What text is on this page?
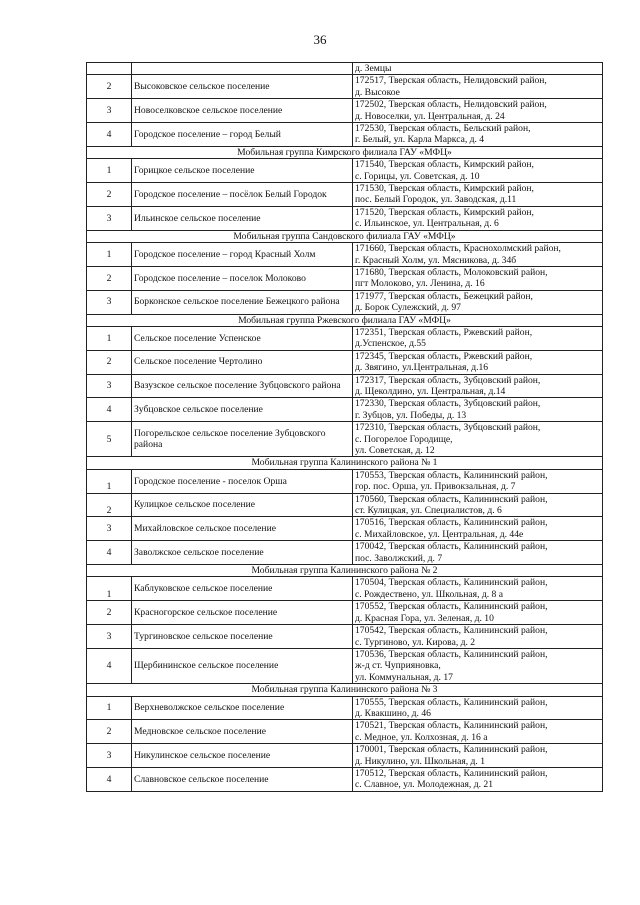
36

		д. Земцы

2	Высоковское сельское поселение	172517, Тверская область, Нелидовский район,
д. Высокое

3	Новоселковское сельское поселение	172502, Тверская область, Нелидовский район,
д. Новоселки, ул. Центральная, д. 24

4	Городское поселение – город Белый	172530, Тверская область, Бельский район,
г. Белый, ул. Карла Маркса, д. 4

Мобильная группа Кимрского филиала ГАУ «МФЦ»		
1	Горицкое сельское поселение	171540, Тверская область, Кимрский район,
с. Горицы, ул. Советская, д. 10

2	Городское поселение – посёлок Белый Городок	171530, Тверская область, Кимрский район,
пос. Белый Городок, ул. Заводская, д.11

3	Ильинское сельское поселение	171520, Тверская область, Кимрский район,
с. Ильинское, ул. Центральная, д. 6

Мобильная группа Сандовского филиала ГАУ «МФЦ»		
1	Городское поселение – город Красный Холм	171660, Тверская область, Краснохолмский район,
г. Красный Холм, ул. Мясникова, д. 34б

2	Городское поселение – поселок Молоково	171680, Тверская область, Молоковский район,
пгт Молоково, ул. Ленина, д. 16

3	Борконское сельское поселение Бежецкого района	171977, Тверская область, Бежецкий район,
д. Борок Сулежский, д. 97

Мобильная группа Ржевского филиала ГАУ «МФЦ»		
1	Сельское поселение Успенское	172351, Тверская область, Ржевский район,
д.Успенское, д.55

2	Сельское поселение Чертолино	172345, Тверская область, Ржевский район,
д. Звягино, ул.Центральная, д.16

3	Вазузское сельское поселение Зубцовского района	172317, Тверская область, Зубцовский район,
д. Щеколдино, ул. Центральная, д.14

4	Зубцовское сельское поселение	172330, Тверская область, Зубцовский район,
г. Зубцов, ул. Победы, д. 13

5	Погорельское сельское поселение Зубцовского района	172310, Тверская область, Зубцовский район,
с. Погорелое Городище,
ул. Советская, д. 12

Мобильная группа Калининского района № 1		
1	Городское поселение - поселок Орша	170553, Тверская область, Калининский район,
гор. пос. Орша, ул. Привокзальная, д. 7

2	Кулицкое сельское поселение	170560, Тверская область, Калининский район,
ст. Кулицкая, ул. Специалистов, д. 6

3	Михайловское сельское поселение	170516, Тверская область, Калининский район,
с. Михайловское, ул. Центральная, д. 44е

4	Заволжское сельское поселение	170042, Тверская область, Калининский район,
пос. Заволжский, д. 7

Мобильная группа Калининского района № 2		
1	Каблуковское сельское поселение	170504, Тверская область, Калининский район,
с. Рождествено, ул. Школьная, д. 8 а

2	Красногорское сельское поселение	170552, Тверская область, Калининский район,
д. Красная Гора, ул. Зеленая, д. 10

3	Тургиновское сельское поселение	170542, Тверская область, Калининский район,
с. Тургиново, ул. Кирова, д. 2

4	Щербининское сельское поселение	170536, Тверская область, Калининский район,
ж-д ст. Чуприяновка,
ул. Коммунальная, д. 17

Мобильная группа Калининского района № 3		
1	Верхневолжское сельское поселение	170555, Тверская область, Калининский район,
д. Квакшино, д. 46

2	Медновское сельское поселение	170521, Тверская область, Калининский район,
с. Медное, ул. Колхозная, д. 16 а

3	Никулинское сельское поселение	170001, Тверская область, Калининский район,
д. Никулино, ул. Школьная, д. 1

4	Славновское сельское поселение	170512, Тверская область, Калининский район,
с. Славное, ул. Молодежная, д. 21
